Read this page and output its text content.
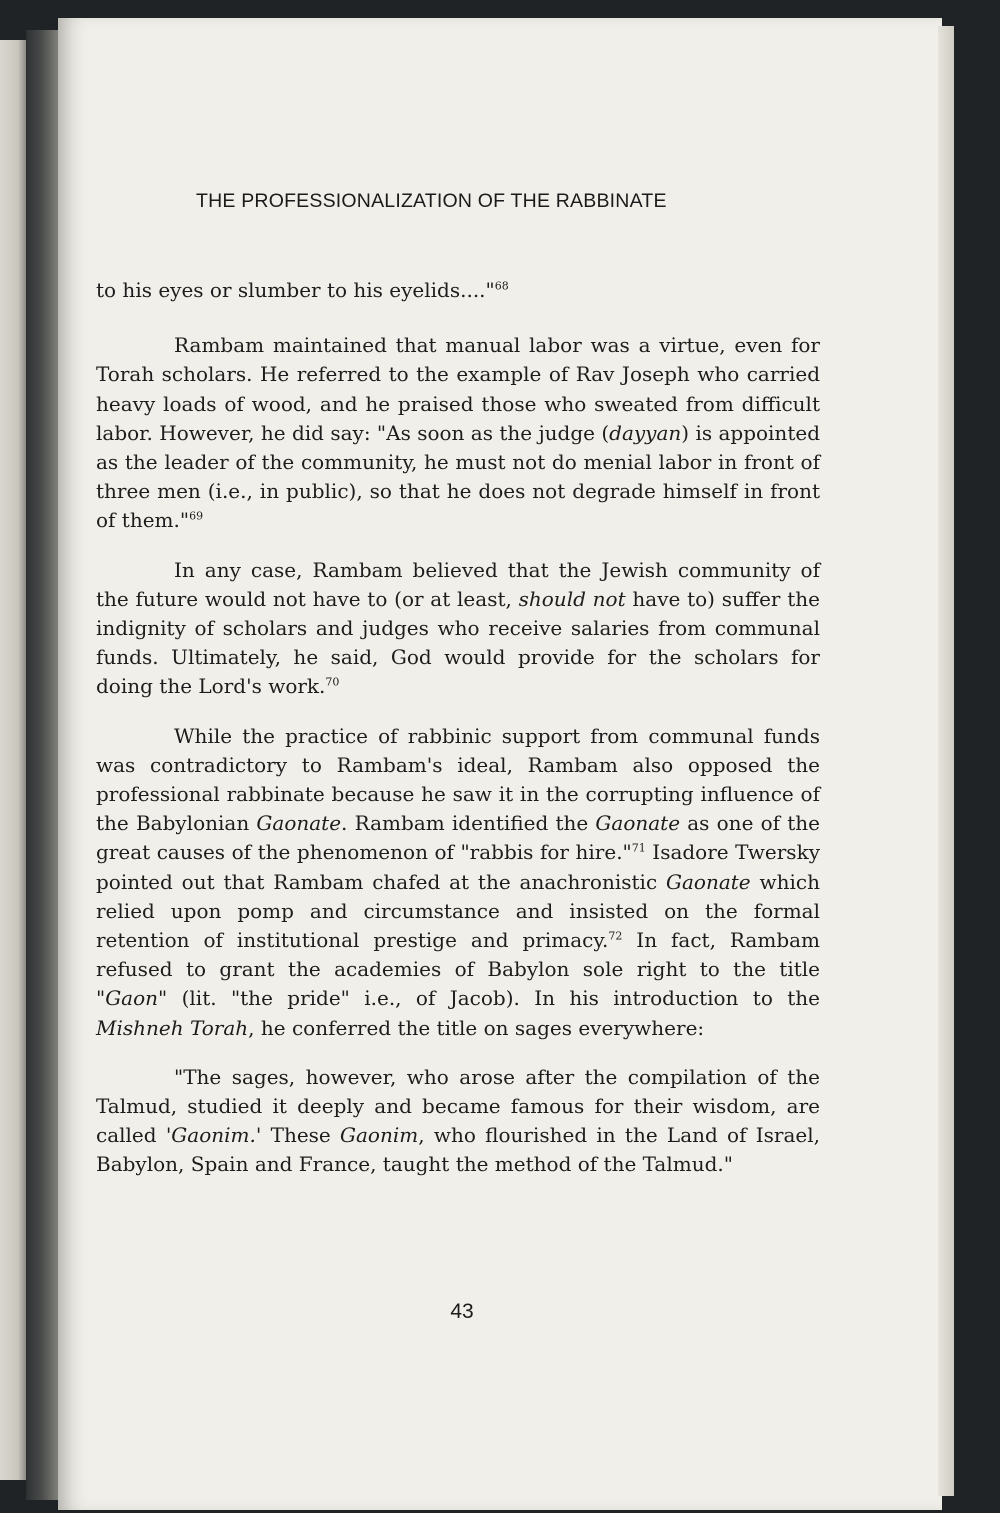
THE PROFESSIONALIZATION OF THE RABBINATE

to his eyes or slumber to his eyelids...."$^{68}$

Rambam maintained that manual labor was a virtue, even for Torah scholars. He referred to the example of Rav Joseph who carried heavy loads of wood, and he praised those who sweated from difficult labor. However, he did say: "As soon as the judge (dayyan) is appointed as the leader of the community, he must not do menial labor in front of three men (i.e., in public), so that he does not degrade himself in front of them."$^{69}$

In any case, Rambam believed that the Jewish community of the future would not have to (or at least, should not have to) suffer the indignity of scholars and judges who receive salaries from communal funds. Ultimately, he said, God would provide for the scholars for doing the Lord's work.$^{70}$

While the practice of rabbinic support from communal funds was contradictory to Rambam's ideal, Rambam also opposed the professional rabbinate because he saw it in the corrupting influence of the Babylonian Gaonate. Rambam identified the Gaonate as one of the great causes of the phenomenon of "rabbis for hire."$^{71}$ Isadore Twersky pointed out that Rambam chafed at the anachronistic Gaonate which relied upon pomp and circumstance and insisted on the formal retention of institutional prestige and primacy.$^{72}$ In fact, Rambam refused to grant the academies of Babylon sole right to the title "Gaon" (lit. "the pride" i.e., of Jacob). In his introduction to the Mishneh Torah, he conferred the title on sages everywhere:

"The sages, however, who arose after the compilation of the Talmud, studied it deeply and became famous for their wisdom, are called 'Gaonim.' These Gaonim, who flourished in the Land of Israel, Babylon, Spain and France, taught the method of the Talmud."

43
